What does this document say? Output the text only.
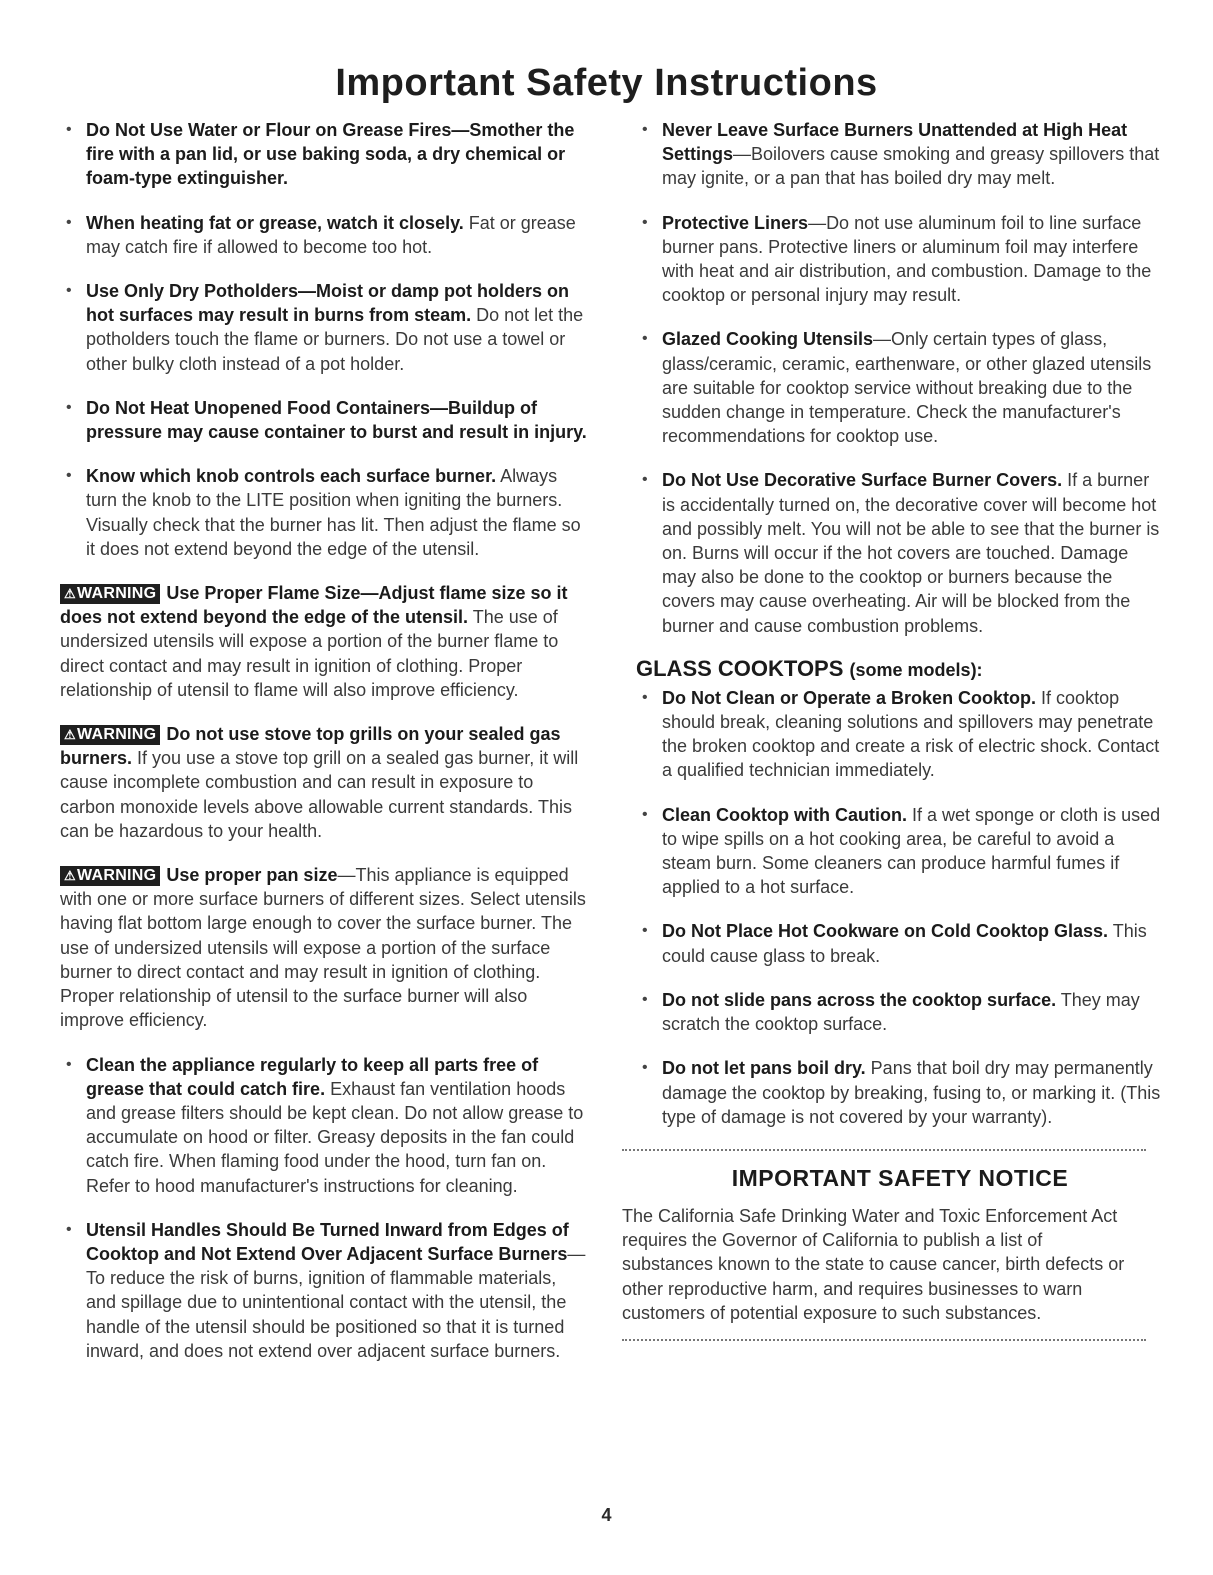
Important Safety Instructions
• Do Not Use Water or Flour on Grease Fires—Smother the fire with a pan lid, or use baking soda, a dry chemical or foam-type extinguisher.
• When heating fat or grease, watch it closely. Fat or grease may catch fire if allowed to become too hot.
• Use Only Dry Potholders—Moist or damp pot holders on hot surfaces may result in burns from steam. Do not let the potholders touch the flame or burners. Do not use a towel or other bulky cloth instead of a pot holder.
• Do Not Heat Unopened Food Containers—Buildup of pressure may cause container to burst and result in injury.
• Know which knob controls each surface burner. Always turn the knob to the LITE position when igniting the burners. Visually check that the burner has lit. Then adjust the flame so it does not extend beyond the edge of the utensil.
⚠WARNING Use Proper Flame Size—Adjust flame size so it does not extend beyond the edge of the utensil. The use of undersized utensils will expose a portion of the burner flame to direct contact and may result in ignition of clothing. Proper relationship of utensil to flame will also improve efficiency.
⚠WARNING Do not use stove top grills on your sealed gas burners. If you use a stove top grill on a sealed gas burner, it will cause incomplete combustion and can result in exposure to carbon monoxide levels above allowable current standards. This can be hazardous to your health.
⚠WARNING Use proper pan size—This appliance is equipped with one or more surface burners of different sizes. Select utensils having flat bottom large enough to cover the surface burner. The use of undersized utensils will expose a portion of the surface burner to direct contact and may result in ignition of clothing. Proper relationship of utensil to the surface burner will also improve efficiency.
• Clean the appliance regularly to keep all parts free of grease that could catch fire. Exhaust fan ventilation hoods and grease filters should be kept clean. Do not allow grease to accumulate on hood or filter. Greasy deposits in the fan could catch fire. When flaming food under the hood, turn fan on. Refer to hood manufacturer's instructions for cleaning.
• Utensil Handles Should Be Turned Inward from Edges of Cooktop and Not Extend Over Adjacent Surface Burners—To reduce the risk of burns, ignition of flammable materials, and spillage due to unintentional contact with the utensil, the handle of the utensil should be positioned so that it is turned inward, and does not extend over adjacent surface burners.
• Never Leave Surface Burners Unattended at High Heat Settings—Boilovers cause smoking and greasy spillovers that may ignite, or a pan that has boiled dry may melt.
• Protective Liners—Do not use aluminum foil to line surface burner pans. Protective liners or aluminum foil may interfere with heat and air distribution, and combustion. Damage to the cooktop or personal injury may result.
• Glazed Cooking Utensils—Only certain types of glass, glass/ceramic, ceramic, earthenware, or other glazed utensils are suitable for cooktop service without breaking due to the sudden change in temperature. Check the manufacturer's recommendations for cooktop use.
• Do Not Use Decorative Surface Burner Covers. If a burner is accidentally turned on, the decorative cover will become hot and possibly melt. You will not be able to see that the burner is on. Burns will occur if the hot covers are touched. Damage may also be done to the cooktop or burners because the covers may cause overheating. Air will be blocked from the burner and cause combustion problems.
GLASS COOKTOPS (some models):
• Do Not Clean or Operate a Broken Cooktop. If cooktop should break, cleaning solutions and spillovers may penetrate the broken cooktop and create a risk of electric shock. Contact a qualified technician immediately.
• Clean Cooktop with Caution. If a wet sponge or cloth is used to wipe spills on a hot cooking area, be careful to avoid a steam burn. Some cleaners can produce harmful fumes if applied to a hot surface.
• Do Not Place Hot Cookware on Cold Cooktop Glass. This could cause glass to break.
• Do not slide pans across the cooktop surface. They may scratch the cooktop surface.
• Do not let pans boil dry. Pans that boil dry may permanently damage the cooktop by breaking, fusing to, or marking it. (This type of damage is not covered by your warranty).
IMPORTANT SAFETY NOTICE
The California Safe Drinking Water and Toxic Enforcement Act requires the Governor of California to publish a list of substances known to the state to cause cancer, birth defects or other reproductive harm, and requires businesses to warn customers of potential exposure to such substances.
4
